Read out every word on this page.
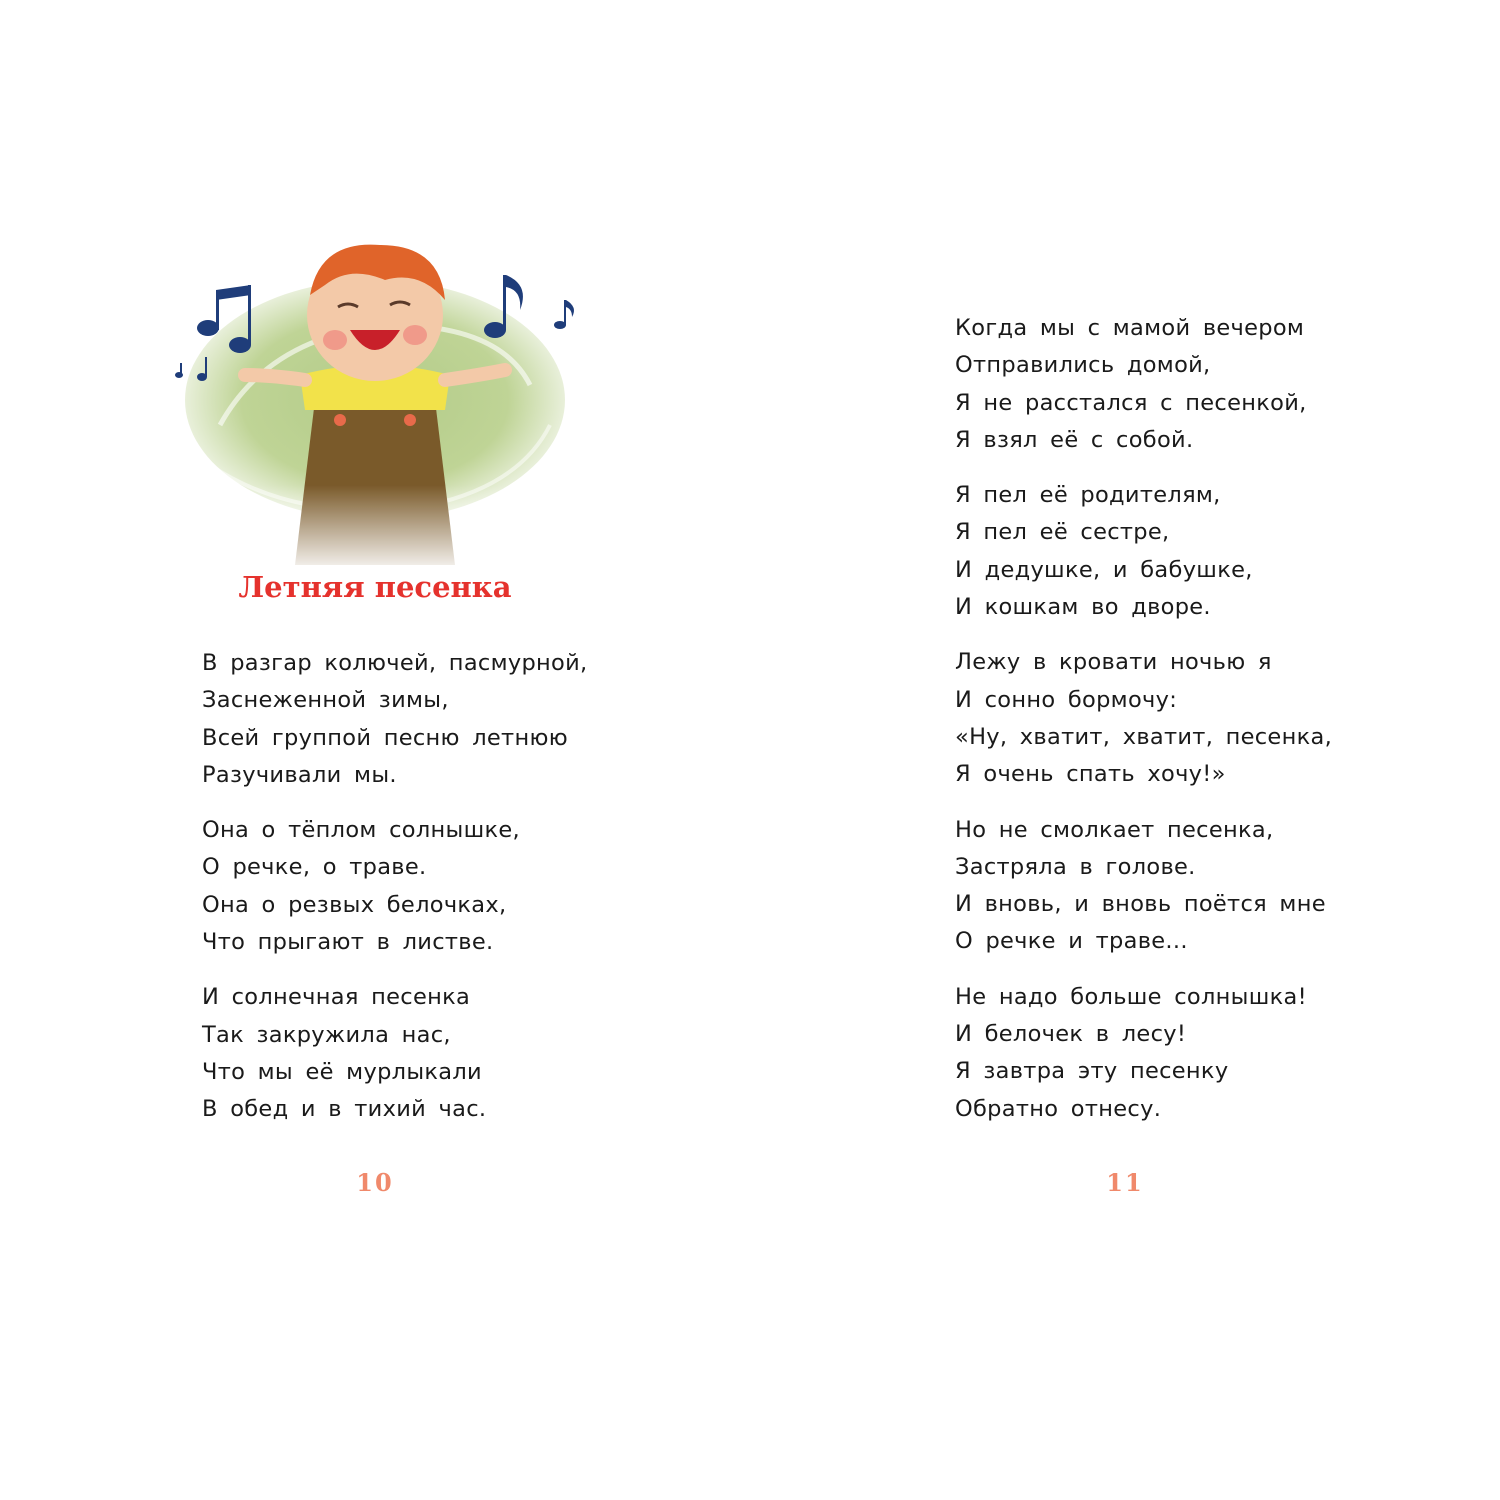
Летняя песенка
В разгар колючей, пасмурной,
Заснеженной зимы,
Всей группой песню летнюю
Разучивали мы.
Она о тёплом солнышке,
О речке, о траве.
Она о резвых белочках,
Что прыгают в листве.
И солнечная песенка
Так закружила нас,
Что мы её мурлыкали
В обед и в тихий час.

10

Когда мы с мамой вечером
Отправились домой,
Я не расстался с песенкой,
Я взял её с собой.
Я пел её родителям,
Я пел её сестре,
И дедушке, и бабушке,
И кошкам во дворе.
Лежу в кровати ночью я
И сонно бормочу:
«Ну, хватит, хватит, песенка,
Я очень спать хочу!»
Но не смолкает песенка,
Застряла в голове.
И вновь, и вновь поётся мне
О речке и траве...
Не надо больше солнышка!
И белочек в лесу!
Я завтра эту песенку
Обратно отнесу.

11
